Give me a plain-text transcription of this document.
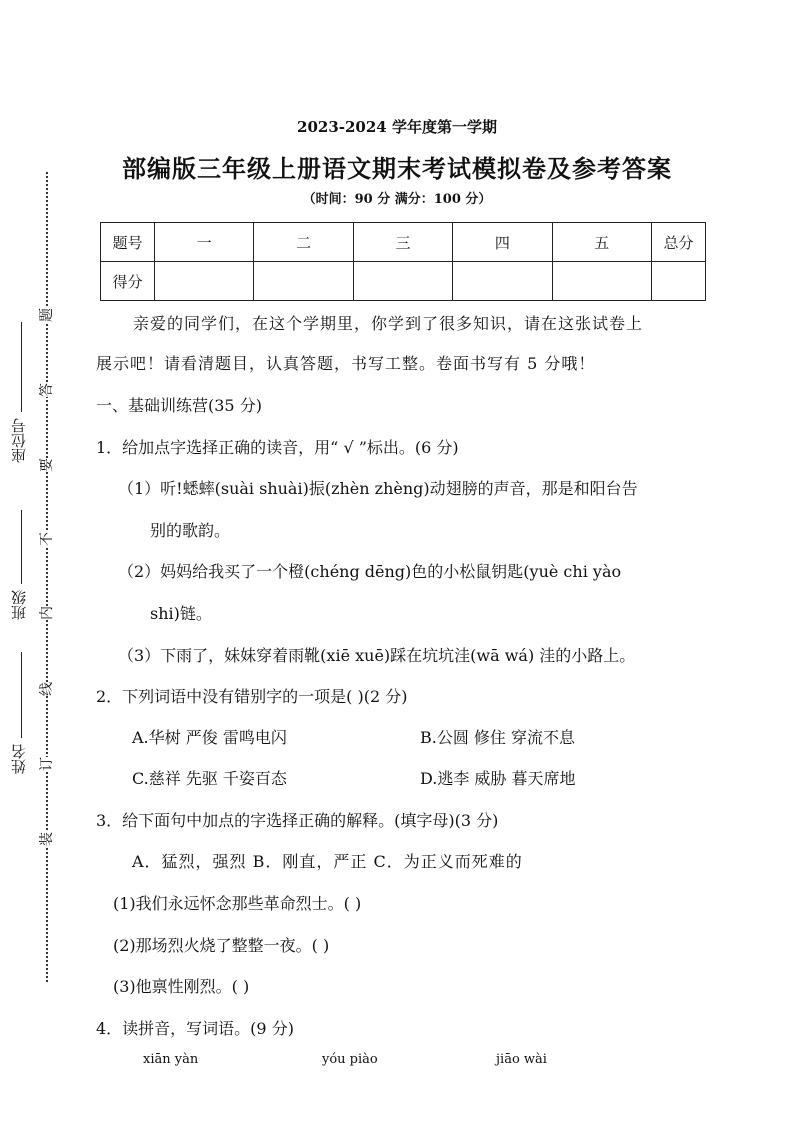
座位号
班级
姓名
题
答
要
不
内
线
订
装
2023-2024 学年度第一学期
部编版三年级上册语文期末考试模拟卷及参考答案
（时间：90 分 满分：100 分）
题号	一	二	三	四	五	总分
得分						
亲爱的同学们，在这个学期里，你学到了很多知识，请在这张试卷上
展示吧！请看清题目，认真答题，书写工整。卷面书写有 5 分哦！
一、基础训练营(35 分)
1．给加点字选择正确的读音，用“ √ ”标出。(6 分)
（1）听!蟋蟀(suài shuài)振(zhèn zhèng)动翅膀的声音，那是和阳台告
别的歌韵。
（2）妈妈给我买了一个橙(chéng dēng)色的小松鼠钥匙(yuè chi yào
shi)链。
（3）下雨了，妹妹穿着雨靴(xiē xuē)踩在坑坑洼(wā wá) 洼的小路上。
2．下列词语中没有错别字的一项是( )(2 分)
A.华树 严俊 雷鸣电闪	B.公圆 修住 穿流不息
C.慈祥 先驱 千姿百态	D.逃李 威胁 暮天席地
3．给下面句中加点的字选择正确的解释。(填字母)(3 分)
A．猛烈，强烈 B．刚直，严正 C．为正义而死难的
(1)我们永远怀念那些革命烈士。( )
(2)那场烈火烧了整整一夜。( )
(3)他禀性刚烈。( )
4．读拼音，写词语。(9 分)
xiān yàn	yóu piào	jiāo wài
